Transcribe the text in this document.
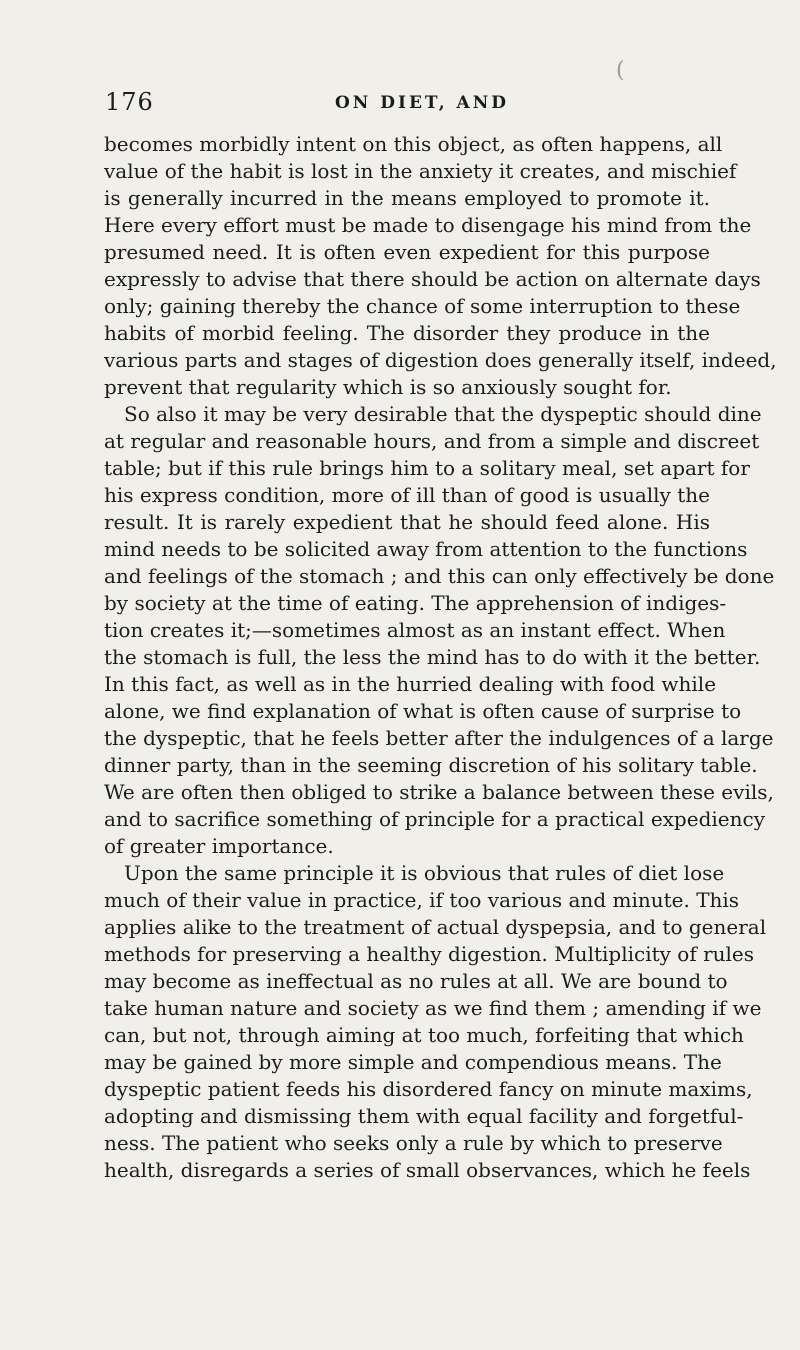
(
176	ON DIET, AND
becomes morbidly intent on this object, as often happens, all
value of the habit is lost in the anxiety it creates, and mischief
is generally incurred in the means employed to promote it.
Here every effort must be made to disengage his mind from the
presumed need. It is often even expedient for this purpose
expressly to advise that there should be action on alternate days
only; gaining thereby the chance of some interruption to these
habits of morbid feeling. The disorder they produce in the
various parts and stages of digestion does generally itself, indeed,
prevent that regularity which is so anxiously sought for.
So also it may be very desirable that the dyspeptic should dine
at regular and reasonable hours, and from a simple and discreet
table; but if this rule brings him to a solitary meal, set apart for
his express condition, more of ill than of good is usually the
result. It is rarely expedient that he should feed alone. His
mind needs to be solicited away from attention to the functions
and feelings of the stomach ; and this can only effectively be done
by society at the time of eating. The apprehension of indiges-
tion creates it;—sometimes almost as an instant effect. When
the stomach is full, the less the mind has to do with it the better.
In this fact, as well as in the hurried dealing with food while
alone, we find explanation of what is often cause of surprise to
the dyspeptic, that he feels better after the indulgences of a large
dinner party, than in the seeming discretion of his solitary table.
We are often then obliged to strike a balance between these evils,
and to sacrifice something of principle for a practical expediency
of greater importance.
Upon the same principle it is obvious that rules of diet lose
much of their value in practice, if too various and minute. This
applies alike to the treatment of actual dyspepsia, and to general
methods for preserving a healthy digestion. Multiplicity of rules
may become as ineffectual as no rules at all. We are bound to
take human nature and society as we find them ; amending if we
can, but not, through aiming at too much, forfeiting that which
may be gained by more simple and compendious means. The
dyspeptic patient feeds his disordered fancy on minute maxims,
adopting and dismissing them with equal facility and forgetful-
ness. The patient who seeks only a rule by which to preserve
health, disregards a series of small observances, which he feels
